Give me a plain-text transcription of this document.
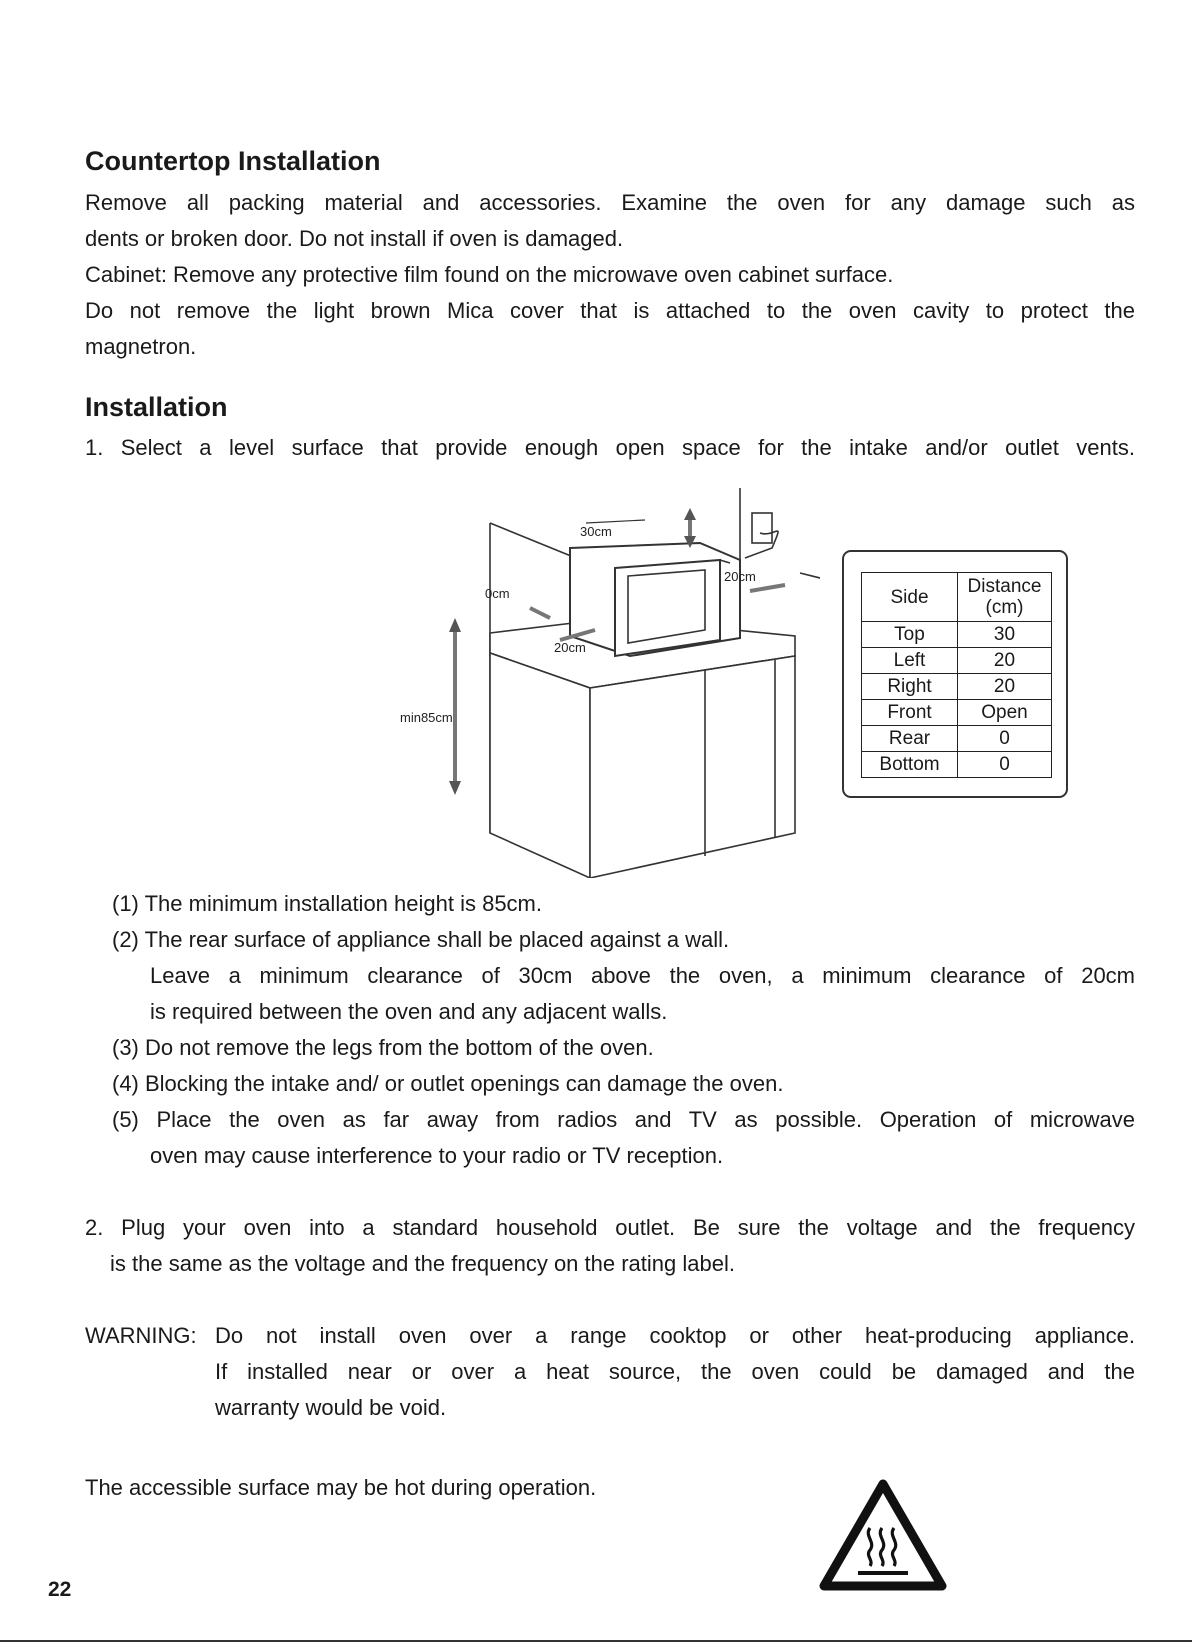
Countertop Installation
Remove all packing material and accessories. Examine the oven for any damage such as
dents or broken door. Do not install if oven is damaged.
Cabinet: Remove any protective film found on the microwave oven cabinet surface.
Do not remove the light brown Mica cover that is attached to the oven cavity to protect the
magnetron.
Installation
1. Select a level surface that provide enough open space for the intake and/or outlet vents.
30cm
0cm
20cm
20cm
min85cm
Side	Distance
(cm)
Top	30
Left	20
Right	20
Front	Open
Rear	0
Bottom	0
(1) The minimum installation height is 85cm.
(2) The rear surface of appliance shall be placed against a wall.
Leave a minimum clearance of 30cm above the oven, a minimum clearance of 20cm
is required between the oven and any adjacent walls.
(3) Do not remove the legs from the bottom of the oven.
(4) Blocking the intake and/ or outlet openings can damage the oven.
(5) Place the oven as far away from radios and TV as possible. Operation of microwave
oven may cause interference to your radio or TV reception.
2. Plug your oven into a standard household outlet. Be sure the voltage and the frequency
is the same as the voltage and the frequency on the rating label.
WARNING: Do not install oven over a range cooktop or other heat-producing appliance.
If installed near or over a heat source, the oven could be damaged and the
warranty would be void.
The accessible surface may be hot during operation.
22
